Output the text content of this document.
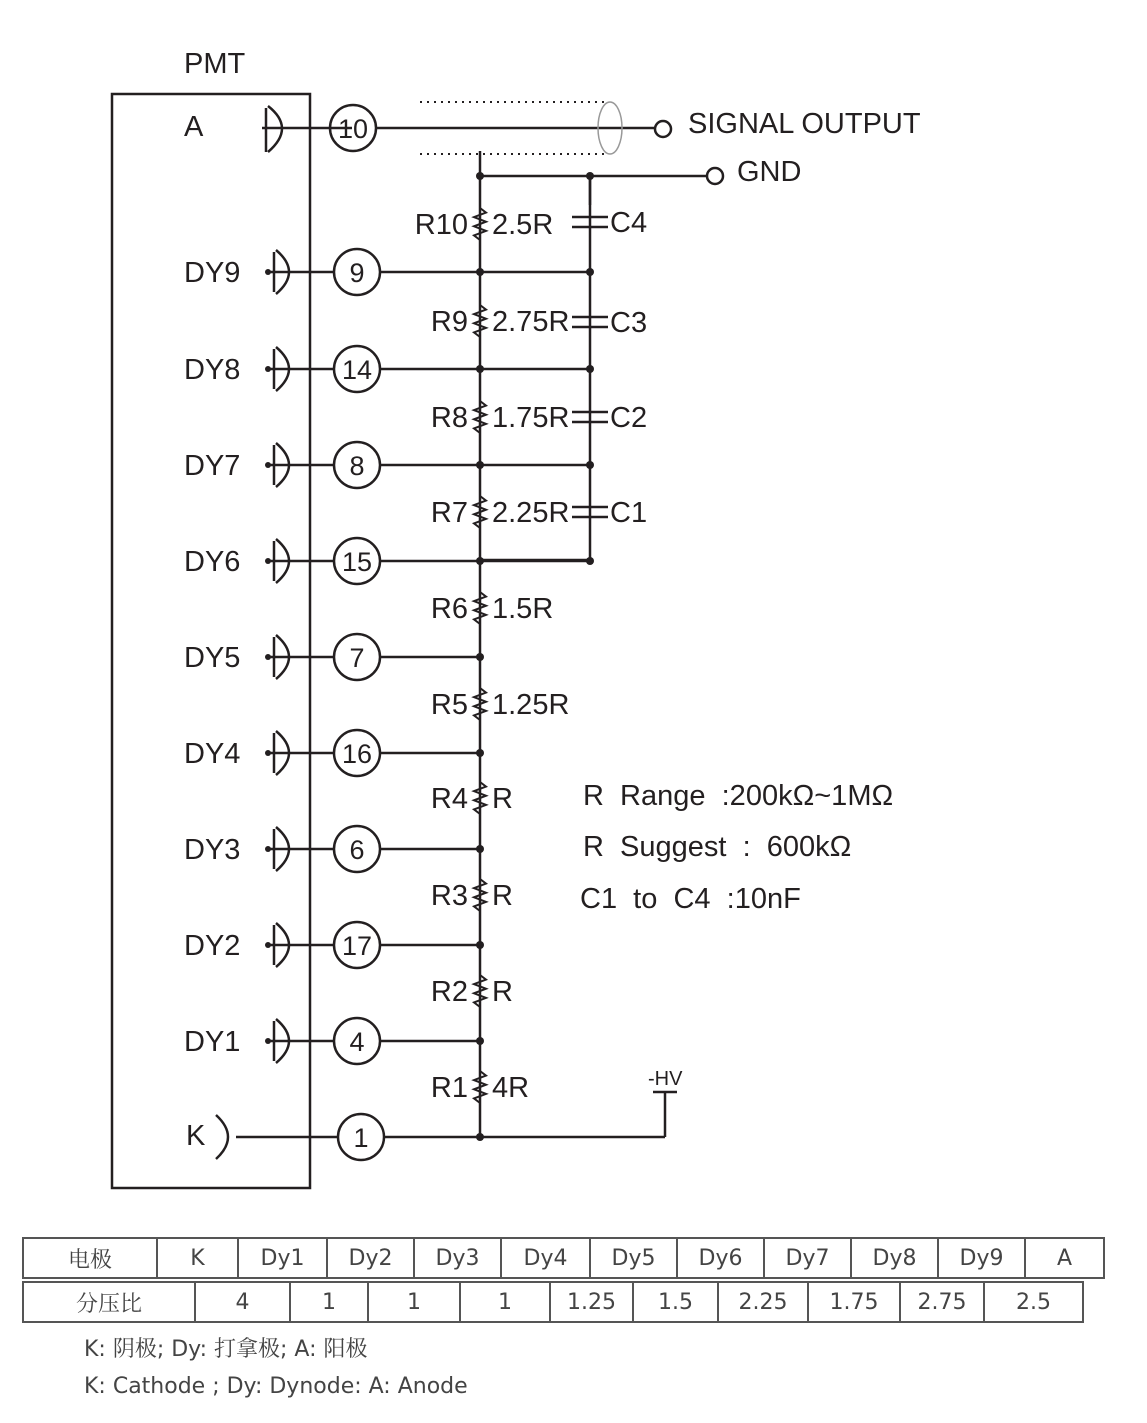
PMT
A	10	SIGNAL OUTPUT
GND
DY9	9
DY8	14
DY7	8
DY6	15
DY5	7
DY4	16
DY3	6
DY2	17
DY1	4
R10 2.5R
R9 2.75R
R8 1.75R
R7 2.25R
R6 1.5R
R5 1.25R
R4 R
R3 R
R2 R
R1 4R
C4
C3
C2
C1
K	1
-HV
R  Range  :200kΩ~1MΩ
R  Suggest  :  600kΩ
C1  to  C4  :10nF
电极	K	Dy1	Dy2	Dy3	Dy4	Dy5	Dy6	Dy7	Dy8	Dy9	A
分压比	4	1	1	1	1.25	1.5	2.25	1.75	2.75	2.5
K: 阴极; Dy: 打拿极; A: 阳极
K: Cathode ; Dy: Dynode: A: Anode
